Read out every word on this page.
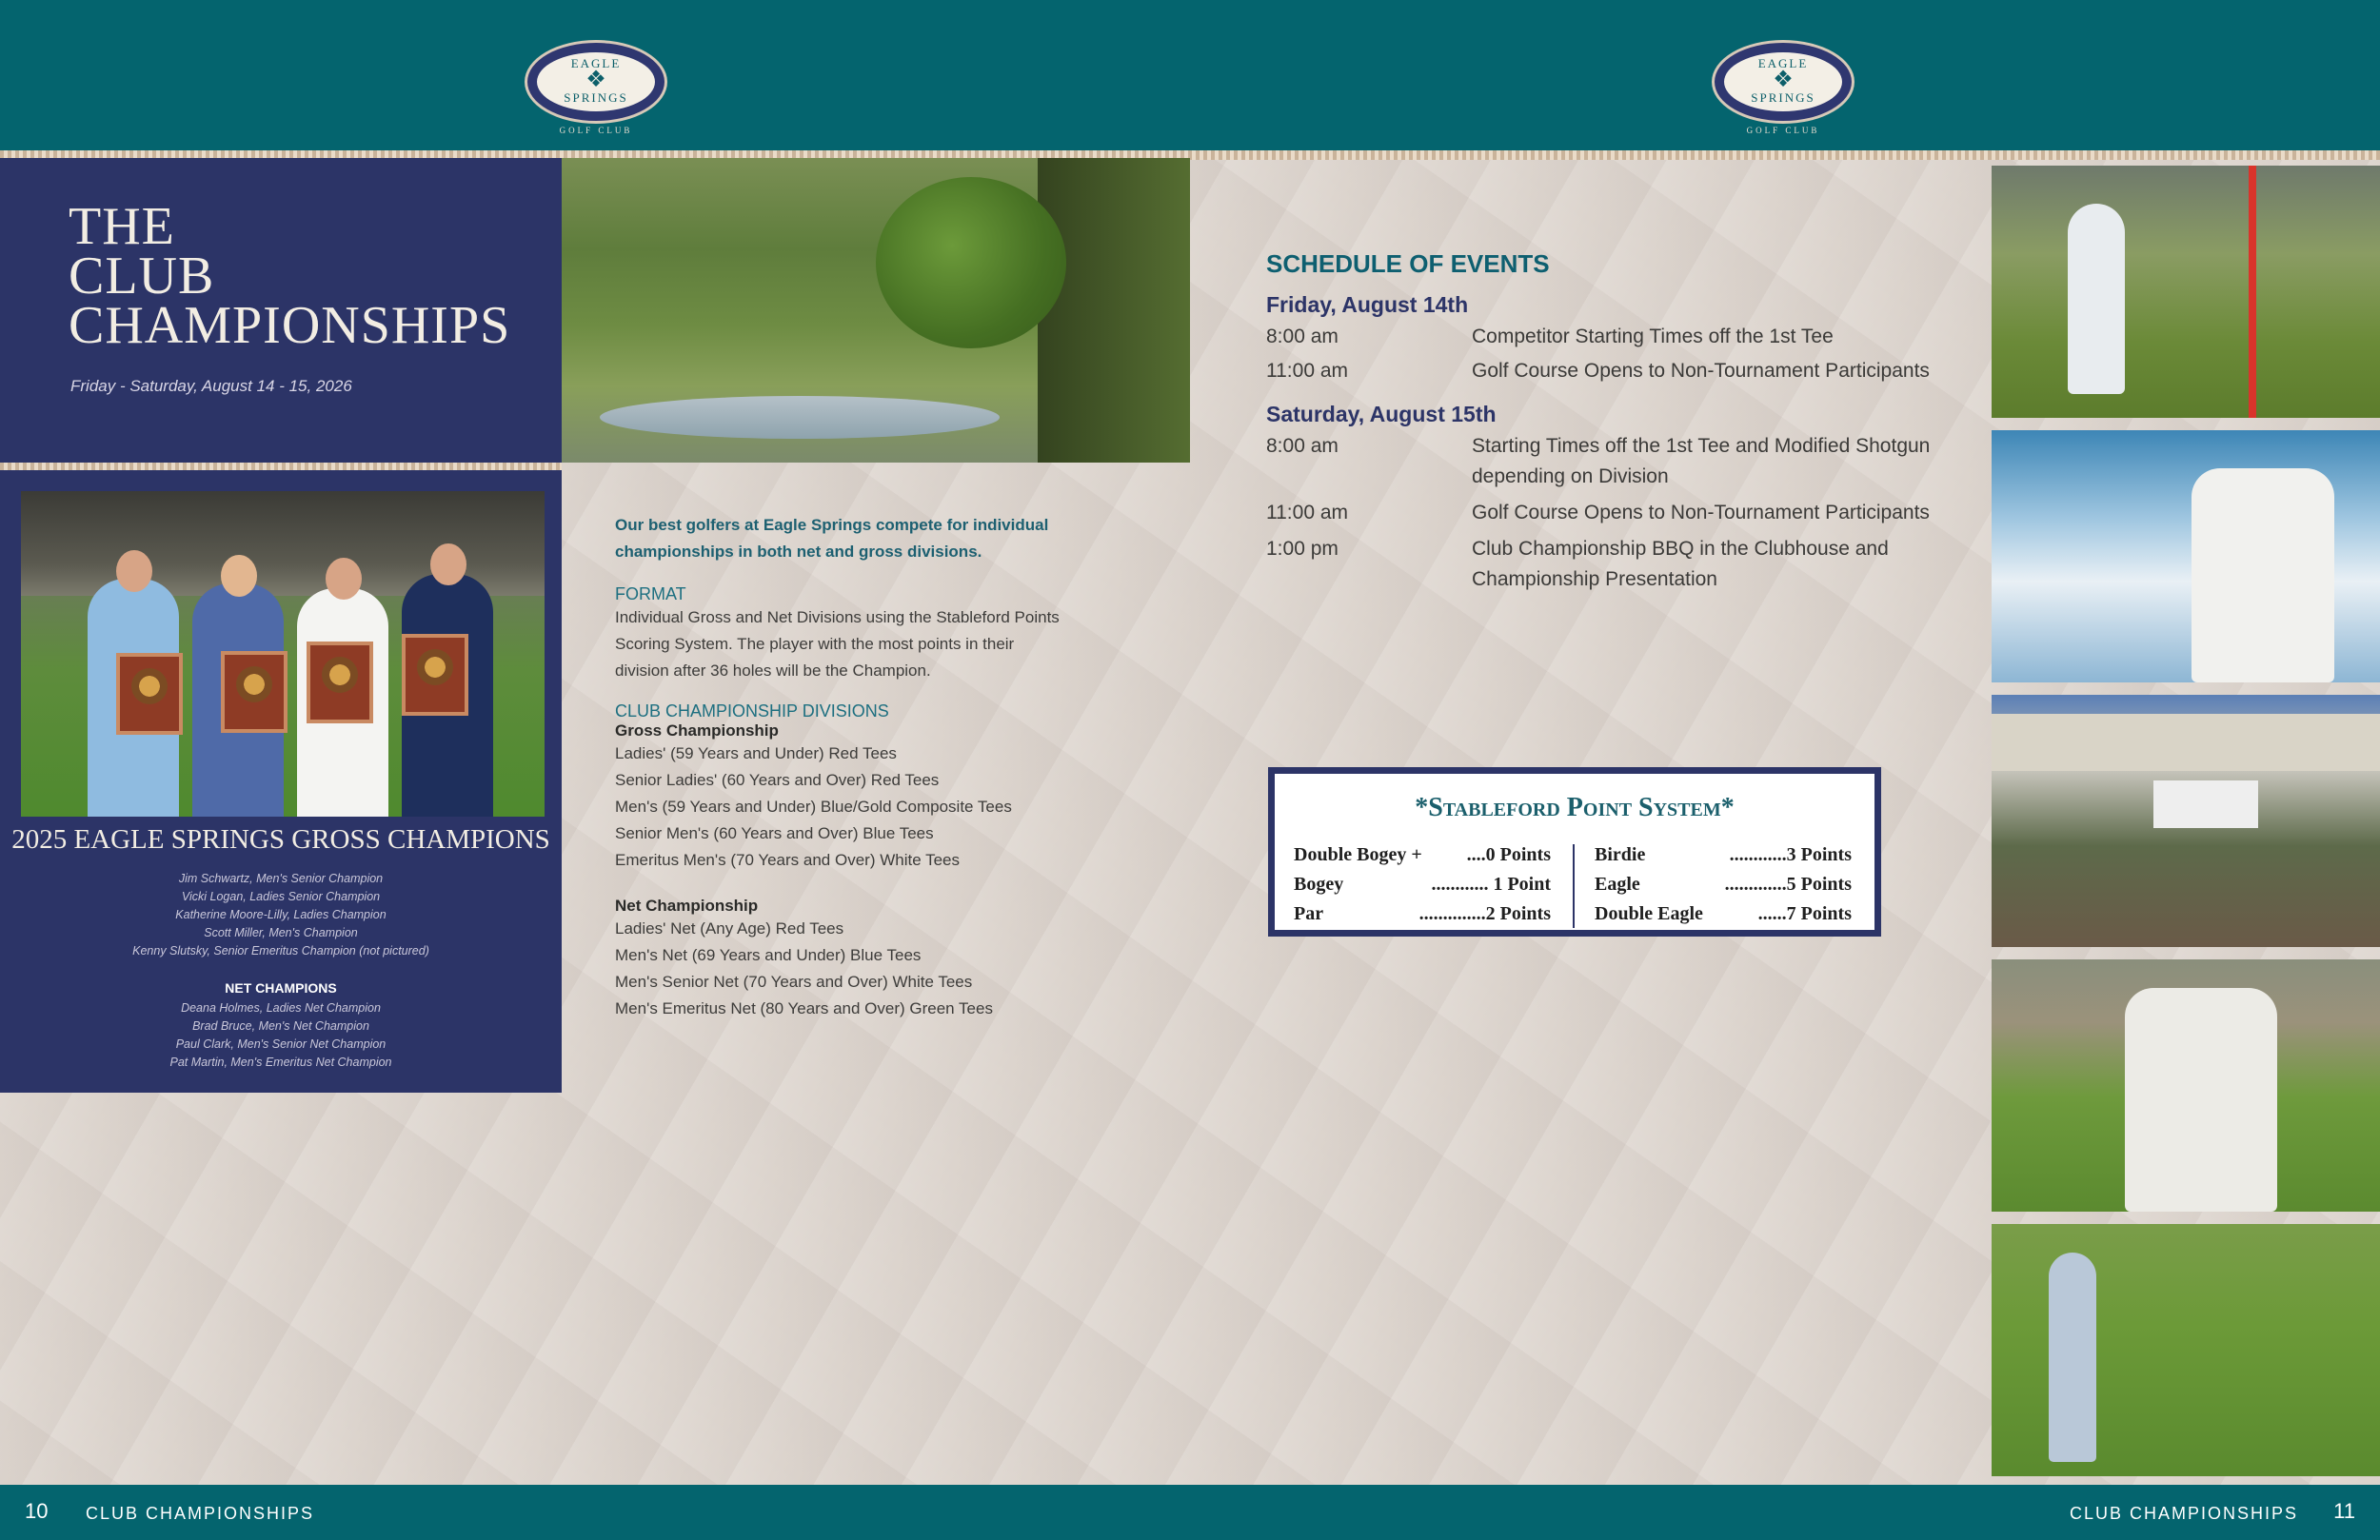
EAGLE
❖
SPRINGS
GOLF CLUB
EAGLE
❖
SPRINGS
GOLF CLUB
THE
CLUB
CHAMPIONSHIPS
Friday - Saturday, August 14 - 15, 2026
2025 EAGLE SPRINGS GROSS CHAMPIONS
Jim Schwartz, Men's Senior Champion
Vicki Logan, Ladies Senior Champion
Katherine Moore-Lilly, Ladies Champion
Scott Miller, Men's Champion
Kenny Slutsky, Senior Emeritus Champion (not pictured)
NET CHAMPIONS
Deana Holmes, Ladies Net Champion
Brad Bruce, Men's Net Champion
Paul Clark, Men's Senior Net Champion
Pat Martin, Men's Emeritus Net Champion
Our best golfers at Eagle Springs compete for individual championships in both net and gross divisions.
FORMAT
Individual Gross and Net Divisions using the Stableford Points Scoring System. The player with the most points in their division after 36 holes will be the Champion.
CLUB CHAMPIONSHIP DIVISIONS
Gross Championship
Ladies' (59 Years and Under) Red Tees
Senior Ladies' (60 Years and Over) Red Tees
Men's (59 Years and Under) Blue/Gold Composite Tees
Senior Men's (60 Years and Over) Blue Tees
Emeritus Men's (70 Years and Over) White Tees
Net Championship
Ladies' Net (Any Age) Red Tees
Men's Net (69 Years and Under) Blue Tees
Men's Senior Net (70 Years and Over) White Tees
Men's Emeritus Net (80 Years and Over) Green Tees
SCHEDULE OF EVENTS
Friday, August 14th
8:00 am	Competitor Starting Times off the 1st Tee
11:00 am	Golf Course Opens to Non-Tournament Participants
Saturday, August 15th
8:00 am	Starting Times off the 1st Tee and Modified Shotgun depending on Division
11:00 am	Golf Course Opens to Non-Tournament Participants
1:00 pm	Club Championship BBQ in the Clubhouse and Championship Presentation
*Stableford Point System*
Double Bogey + ....0 Points
Bogey	............ 1 Point
Par	..............2 Points
Birdie	............3 Points
Eagle	.............5 Points
Double Eagle	......7 Points
10 CLUB CHAMPIONSHIPS	CLUB CHAMPIONSHIPS 11
